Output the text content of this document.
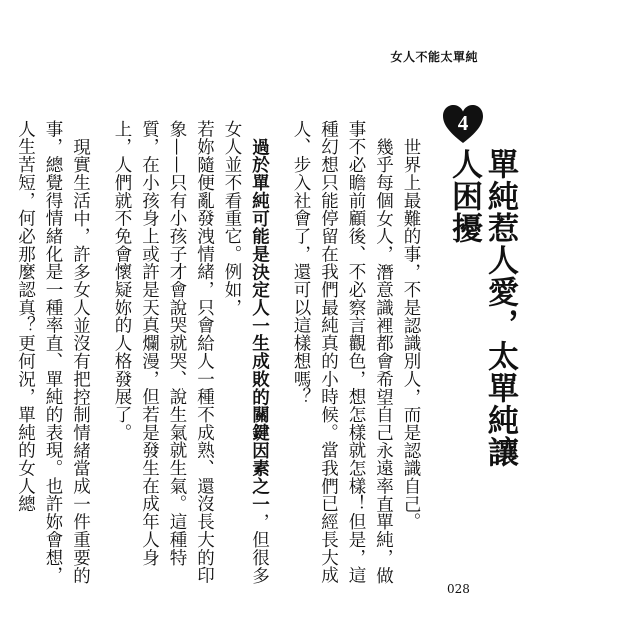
女人不能太單純
4
單純惹人愛，太單純讓人困擾

世界上最難的事，不是認識別人，而是認識自己。

幾乎每個女人，潛意識裡都會希望自己永遠率直單純，做事不必瞻前顧後、不必察言觀色，想怎樣就怎樣！但是，這種幻想只能停留在我們最純真的小時候。當我們已經長大成人、步入社會了，還可以這樣想嗎？

過於單純可能是決定人一生成敗的關鍵因素之一，但很多女人並不看重它。例如，

若妳隨便亂發洩情緒，只會給人一種不成熟、還沒長大的印象——只有小孩子才會說哭就哭、說生氣就生氣。這種特質，在小孩身上或許是天真爛漫，但若是發生在成年人身上，人們就不免會懷疑妳的人格發展了。

現實生活中，許多女人並沒有把控制情緒當成一件重要的事，總覺得情緒化是一種率直、單純的表現。也許妳會想，人生苦短，何必那麼認真？更何況，單純的女人總

028
